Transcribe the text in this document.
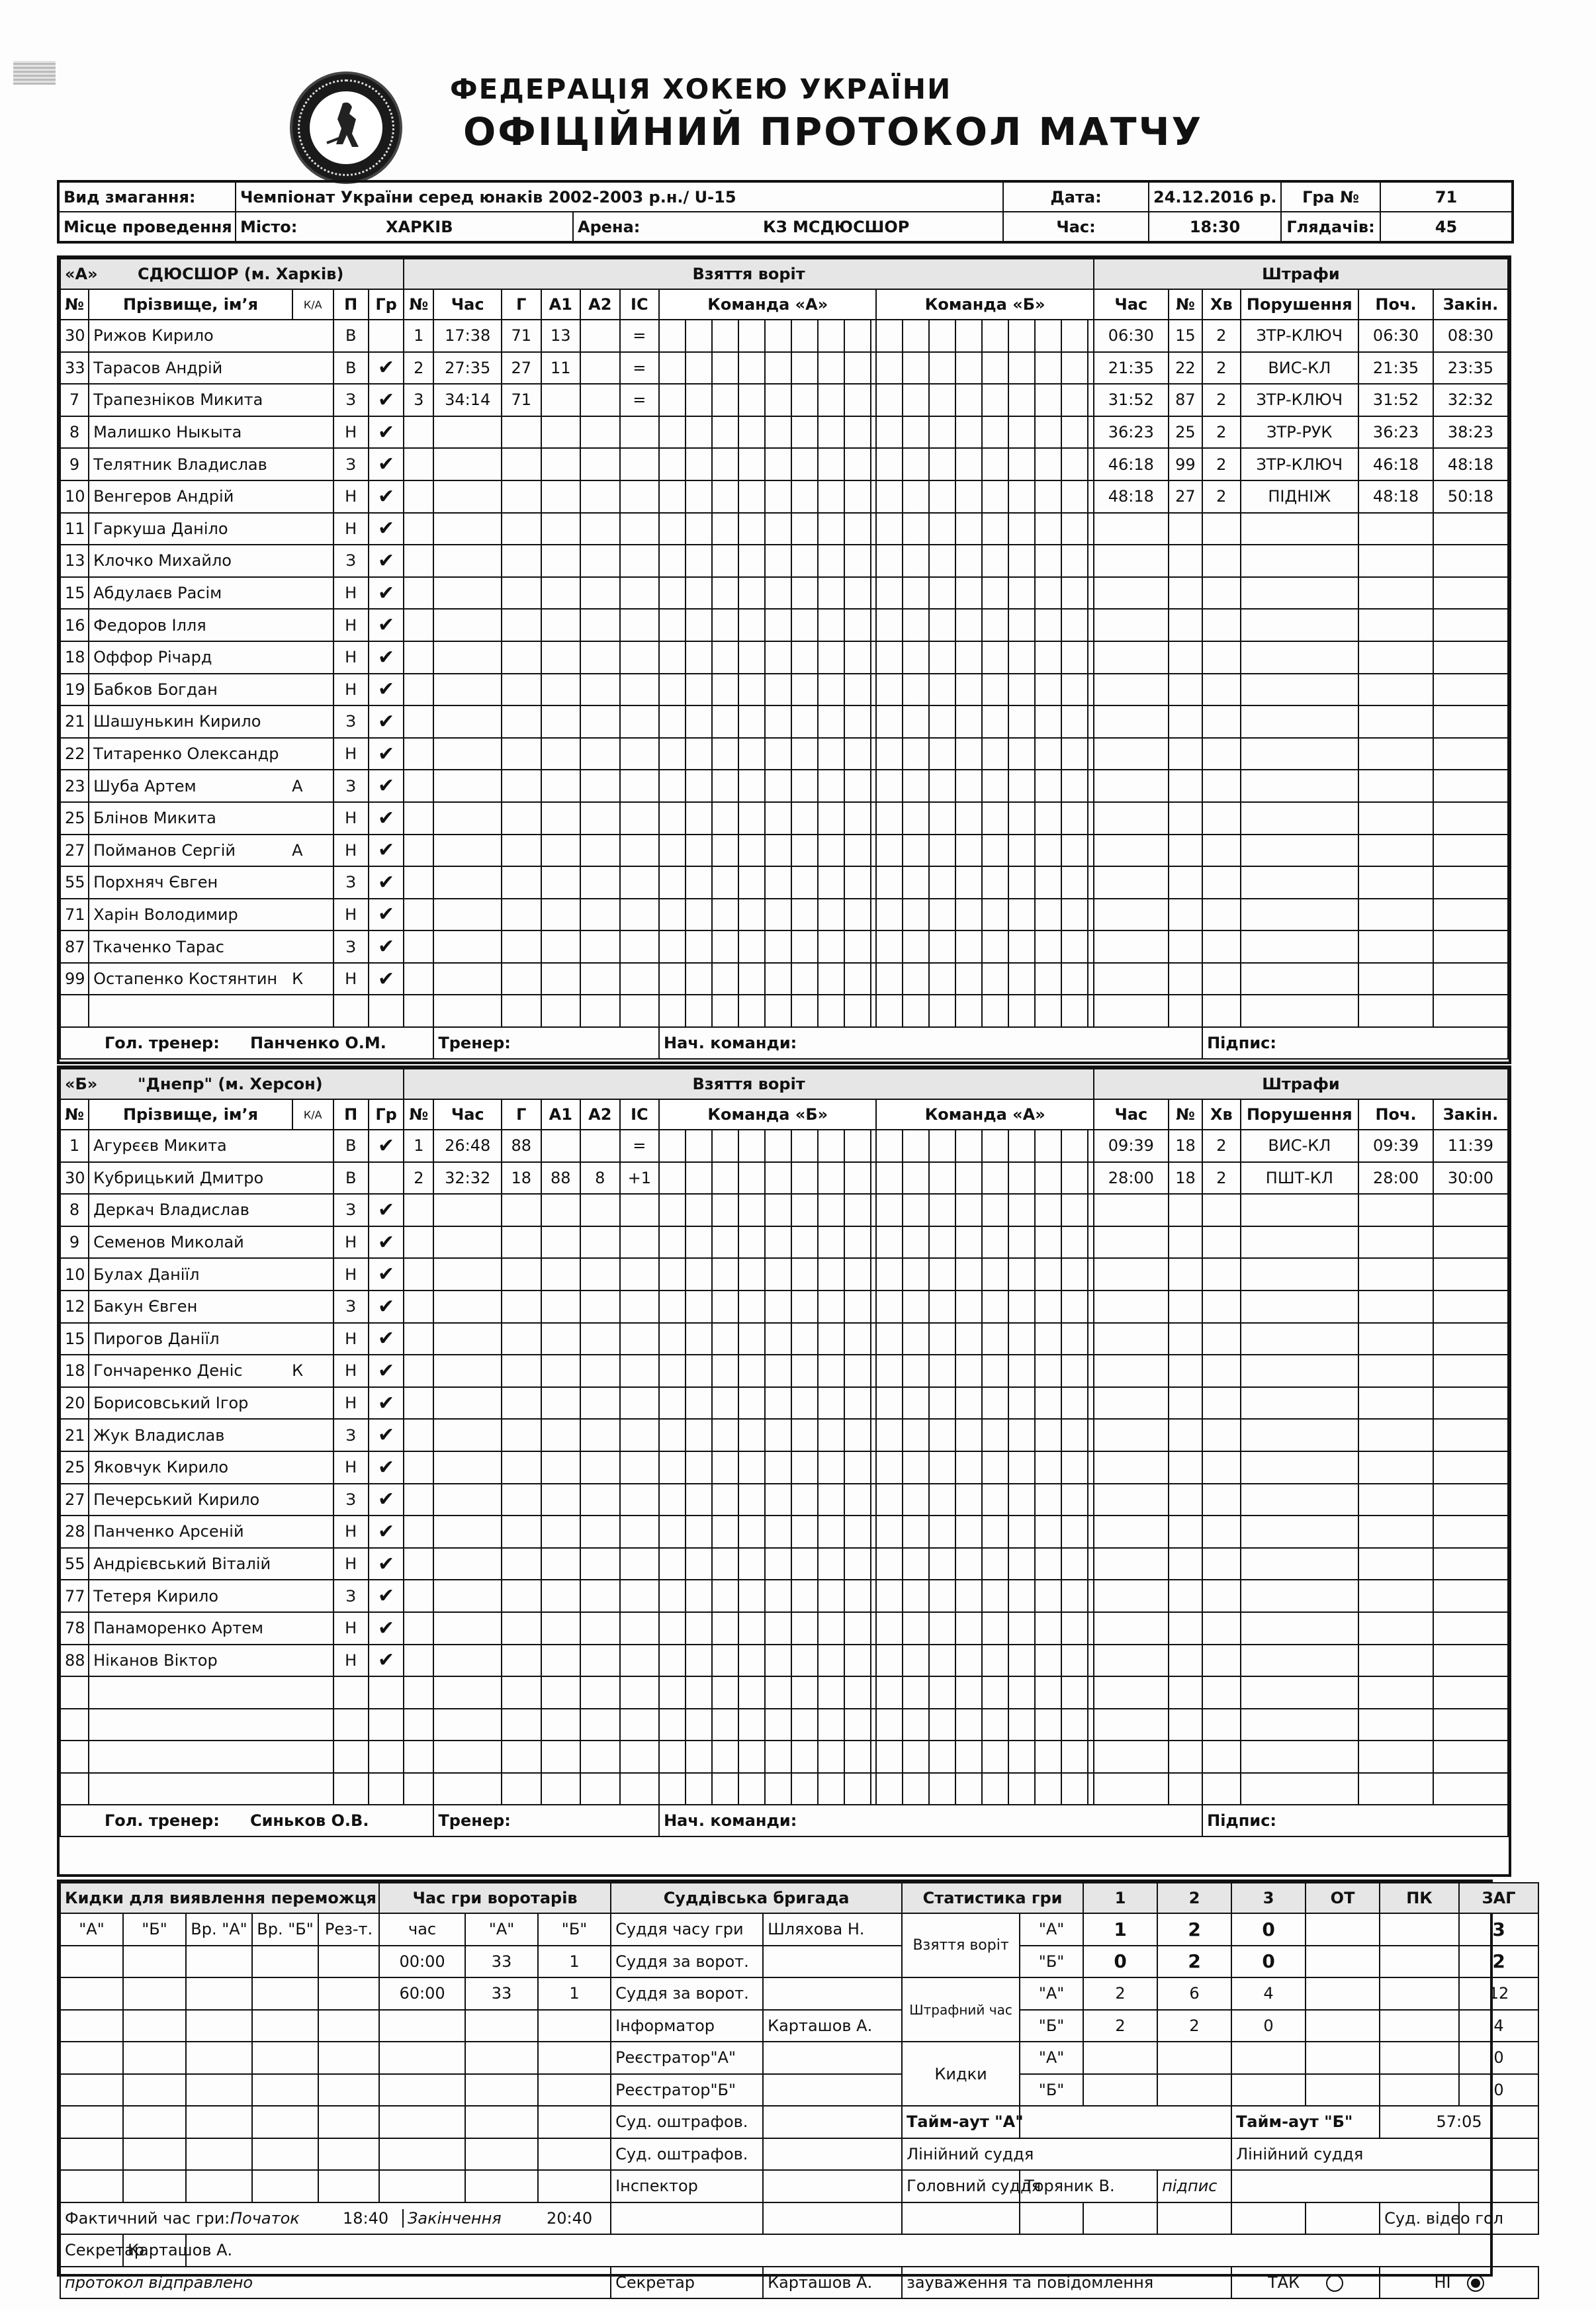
ФЕДЕРАЦІЯ ХОКЕЮ УКРАЇНИ
ОФІЦІЙНИЙ ПРОТОКОЛ МАТЧУ
Вид змагання:	Чемпіонат України серед юнаків 2002-2003 р.н./ U-15		Дата:	24.12.2016 р.	Гра №	71
Місце проведення	Місто: ХАРКІВ	Арена: КЗ МСДЮСШОР	Час:	18:30	Глядачів:	45
«А» СДЮСШОР (м. Харків)					Взяття воріт								Штрафи					
№	Прізвище, ім’я	К/А	П	Гр	№	Час	Г	А1	А2	ІС	Команда «А»	Команда «Б»	Час	№	Хв	Порушення	Поч.	Закін.
30	Рижов Кирило		В		1	17:38	71	13		=			06:30	15	2	ЗТР-КЛЮЧ	06:30	08:30
33	Тарасов Андрій		В	✔	2	27:35	27	11		=			21:35	22	2	ВИС-КЛ	21:35	23:35
7	Трапезніков Микита		З	✔	3	34:14	71			=			31:52	87	2	ЗТР-КЛЮЧ	31:52	32:32
8	Малишко Ныкыта		Н	✔									36:23	25	2	ЗТР-РУК	36:23	38:23
9	Телятник Владислав		З	✔									46:18	99	2	ЗТР-КЛЮЧ	46:18	48:18
10	Венгеров Андрій		Н	✔									48:18	27	2	ПІДНІЖ	48:18	50:18
11	Гаркуша Даніло		Н	✔														
13	Клочко Михайло		З	✔														
15	Абдулаєв Расім		Н	✔														
16	Федоров Ілля		Н	✔														
18	Оффор Річард		Н	✔														
19	Бабков Богдан		Н	✔														
21	Шашунькин Кирило		З	✔														
22	Титаренко Олександр		Н	✔														
23	Шуба Артем А		З	✔														
25	Блінов Микита		Н	✔														
27	Пойманов Сергій А		Н	✔														
55	Порхняч Євген		З	✔														
71	Харін Володимир		Н	✔														
87	Ткаченко Тарас		З	✔														
99	Остапенко Костянтин К		Н	✔														

Гол. тренер: Панченко О.М.						Тренер:					Нач. команди:				Підпис:			
«Б» "Днепр" (м. Херсон)					Взяття воріт								Штрафи					
№	Прізвище, ім’я	К/А	П	Гр	№	Час	Г	А1	А2	ІС	Команда «Б»	Команда «А»	Час	№	Хв	Порушення	Поч.	Закін.
1	Агурєєв Микита		В	✔	1	26:48	88			=			09:39	18	2	ВИС-КЛ	09:39	11:39
30	Кубрицький Дмитро		В		2	32:32	18	88	8	+1			28:00	18	2	ПШТ-КЛ	28:00	30:00
8	Деркач Владислав		З	✔														
9	Семенов Миколай		Н	✔														
10	Булах Даніїл		Н	✔														
12	Бакун Євген		З	✔														
15	Пирогов Даніїл		Н	✔														
18	Гончаренко Деніс К		Н	✔														
20	Борисовський Ігор		Н	✔														
21	Жук Владислав		З	✔														
25	Яковчук Кирило		Н	✔														
27	Печерський Кирило		З	✔														
28	Панченко Арсеній		Н	✔														
55	Андрієвський Віталій		Н	✔														
77	Тетеря Кирило		З	✔														
78	Панаморенко Артем		Н	✔														
88	Ніканов Віктор		Н	✔														

Гол. тренер: Синьков О.В.						Тренер:					Нач. команди:				Підпис:			
Кидки для виявлення переможця					Час гри воротарів			Суддівська бригада		Статистика гри		1	2	3	ОТ	ПК	ЗАГ	
"А"	"Б"	Вр. "А"	Вр. "Б"	Рез-т.	час	"А"	"Б"	Суддя часу гри	Шляхова Н.	Взяття воріт	"А"	1	2	0			3	
					00:00	33	1	Суддя за ворот.			"Б"	0	2	0			2	
					60:00	33	1	Суддя за ворот.		Штрафний час	"А"	2	6	4			12	
								Інформатор	Карташов А.		"Б"	2	2	0			4	
								Реєстратор"А"		Кидки	"А"						0	
								Реєстратор"Б"			"Б"						0	
								Суд. оштрафов.		Тайм-аут "А"				Тайм-аут "Б"		57:05		
								Суд. оштрафов.		Лінійний суддя				Лінійний суддя				
								Інспектор		Головний суддя	Торяник В.		підпис					
Фактичний час гри:Початок 18:40 Закінчення 20:40																Суд. відео гол					
Секретар	Карташов А.																	
протокол відправлено								Секретар	Карташов А.	зауваження та повідомлення				ТАК		НІ		
